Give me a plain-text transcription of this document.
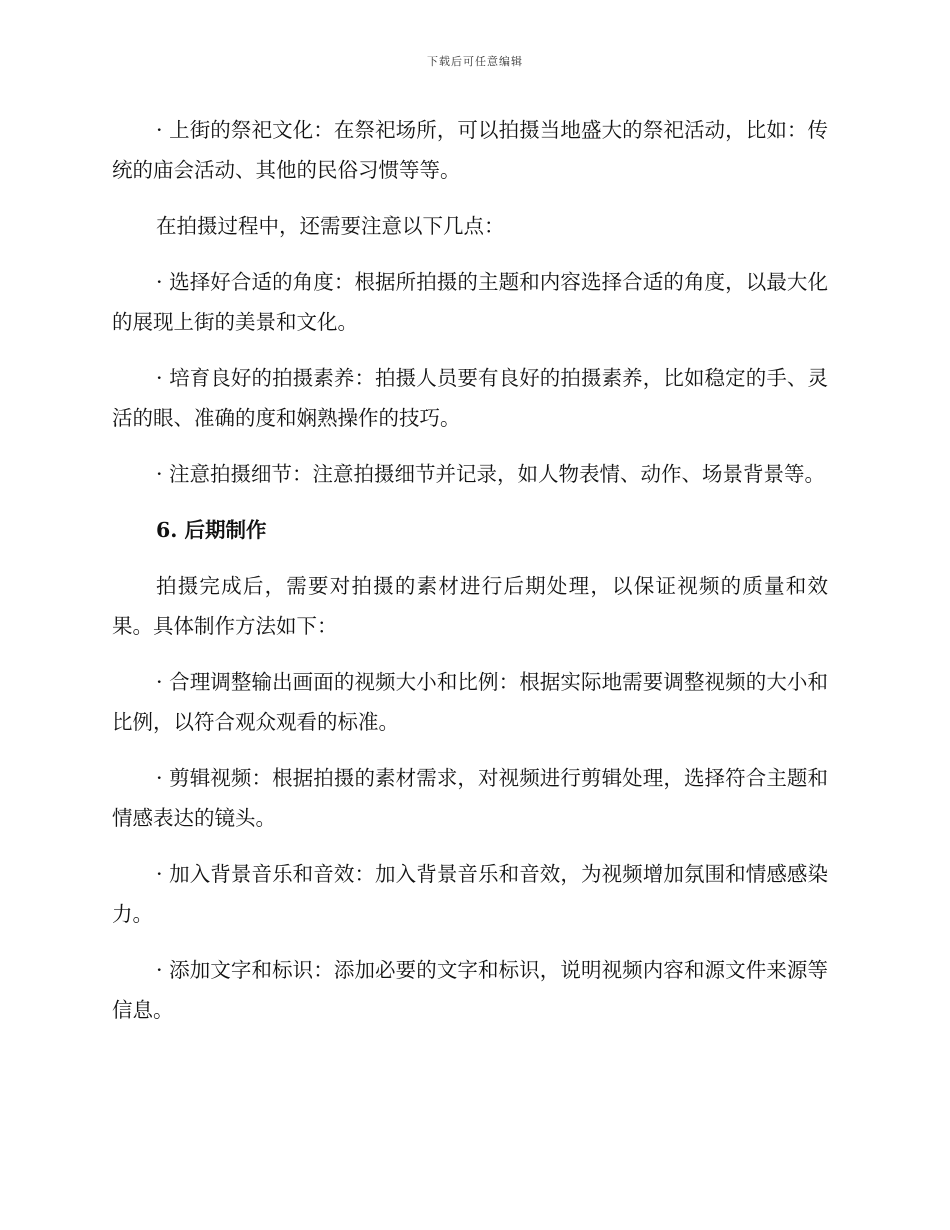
下载后可任意编辑

· 上街的祭祀文化：在祭祀场所，可以拍摄当地盛大的祭祀活动，比如：传统的庙会活动、其他的民俗习惯等等。

在拍摄过程中，还需要注意以下几点：

· 选择好合适的角度：根据所拍摄的主题和内容选择合适的角度，以最大化的展现上街的美景和文化。

· 培育良好的拍摄素养：拍摄人员要有良好的拍摄素养，比如稳定的手、灵活的眼、准确的度和娴熟操作的技巧。

· 注意拍摄细节：注意拍摄细节并记录，如人物表情、动作、场景背景等。

6. 后期制作

拍摄完成后，需要对拍摄的素材进行后期处理，以保证视频的质量和效果。具体制作方法如下：

· 合理调整输出画面的视频大小和比例：根据实际地需要调整视频的大小和比例，以符合观众观看的标准。

· 剪辑视频：根据拍摄的素材需求，对视频进行剪辑处理，选择符合主题和情感表达的镜头。

· 加入背景音乐和音效：加入背景音乐和音效，为视频增加氛围和情感感染力。

· 添加文字和标识：添加必要的文字和标识，说明视频内容和源文件来源等信息。
